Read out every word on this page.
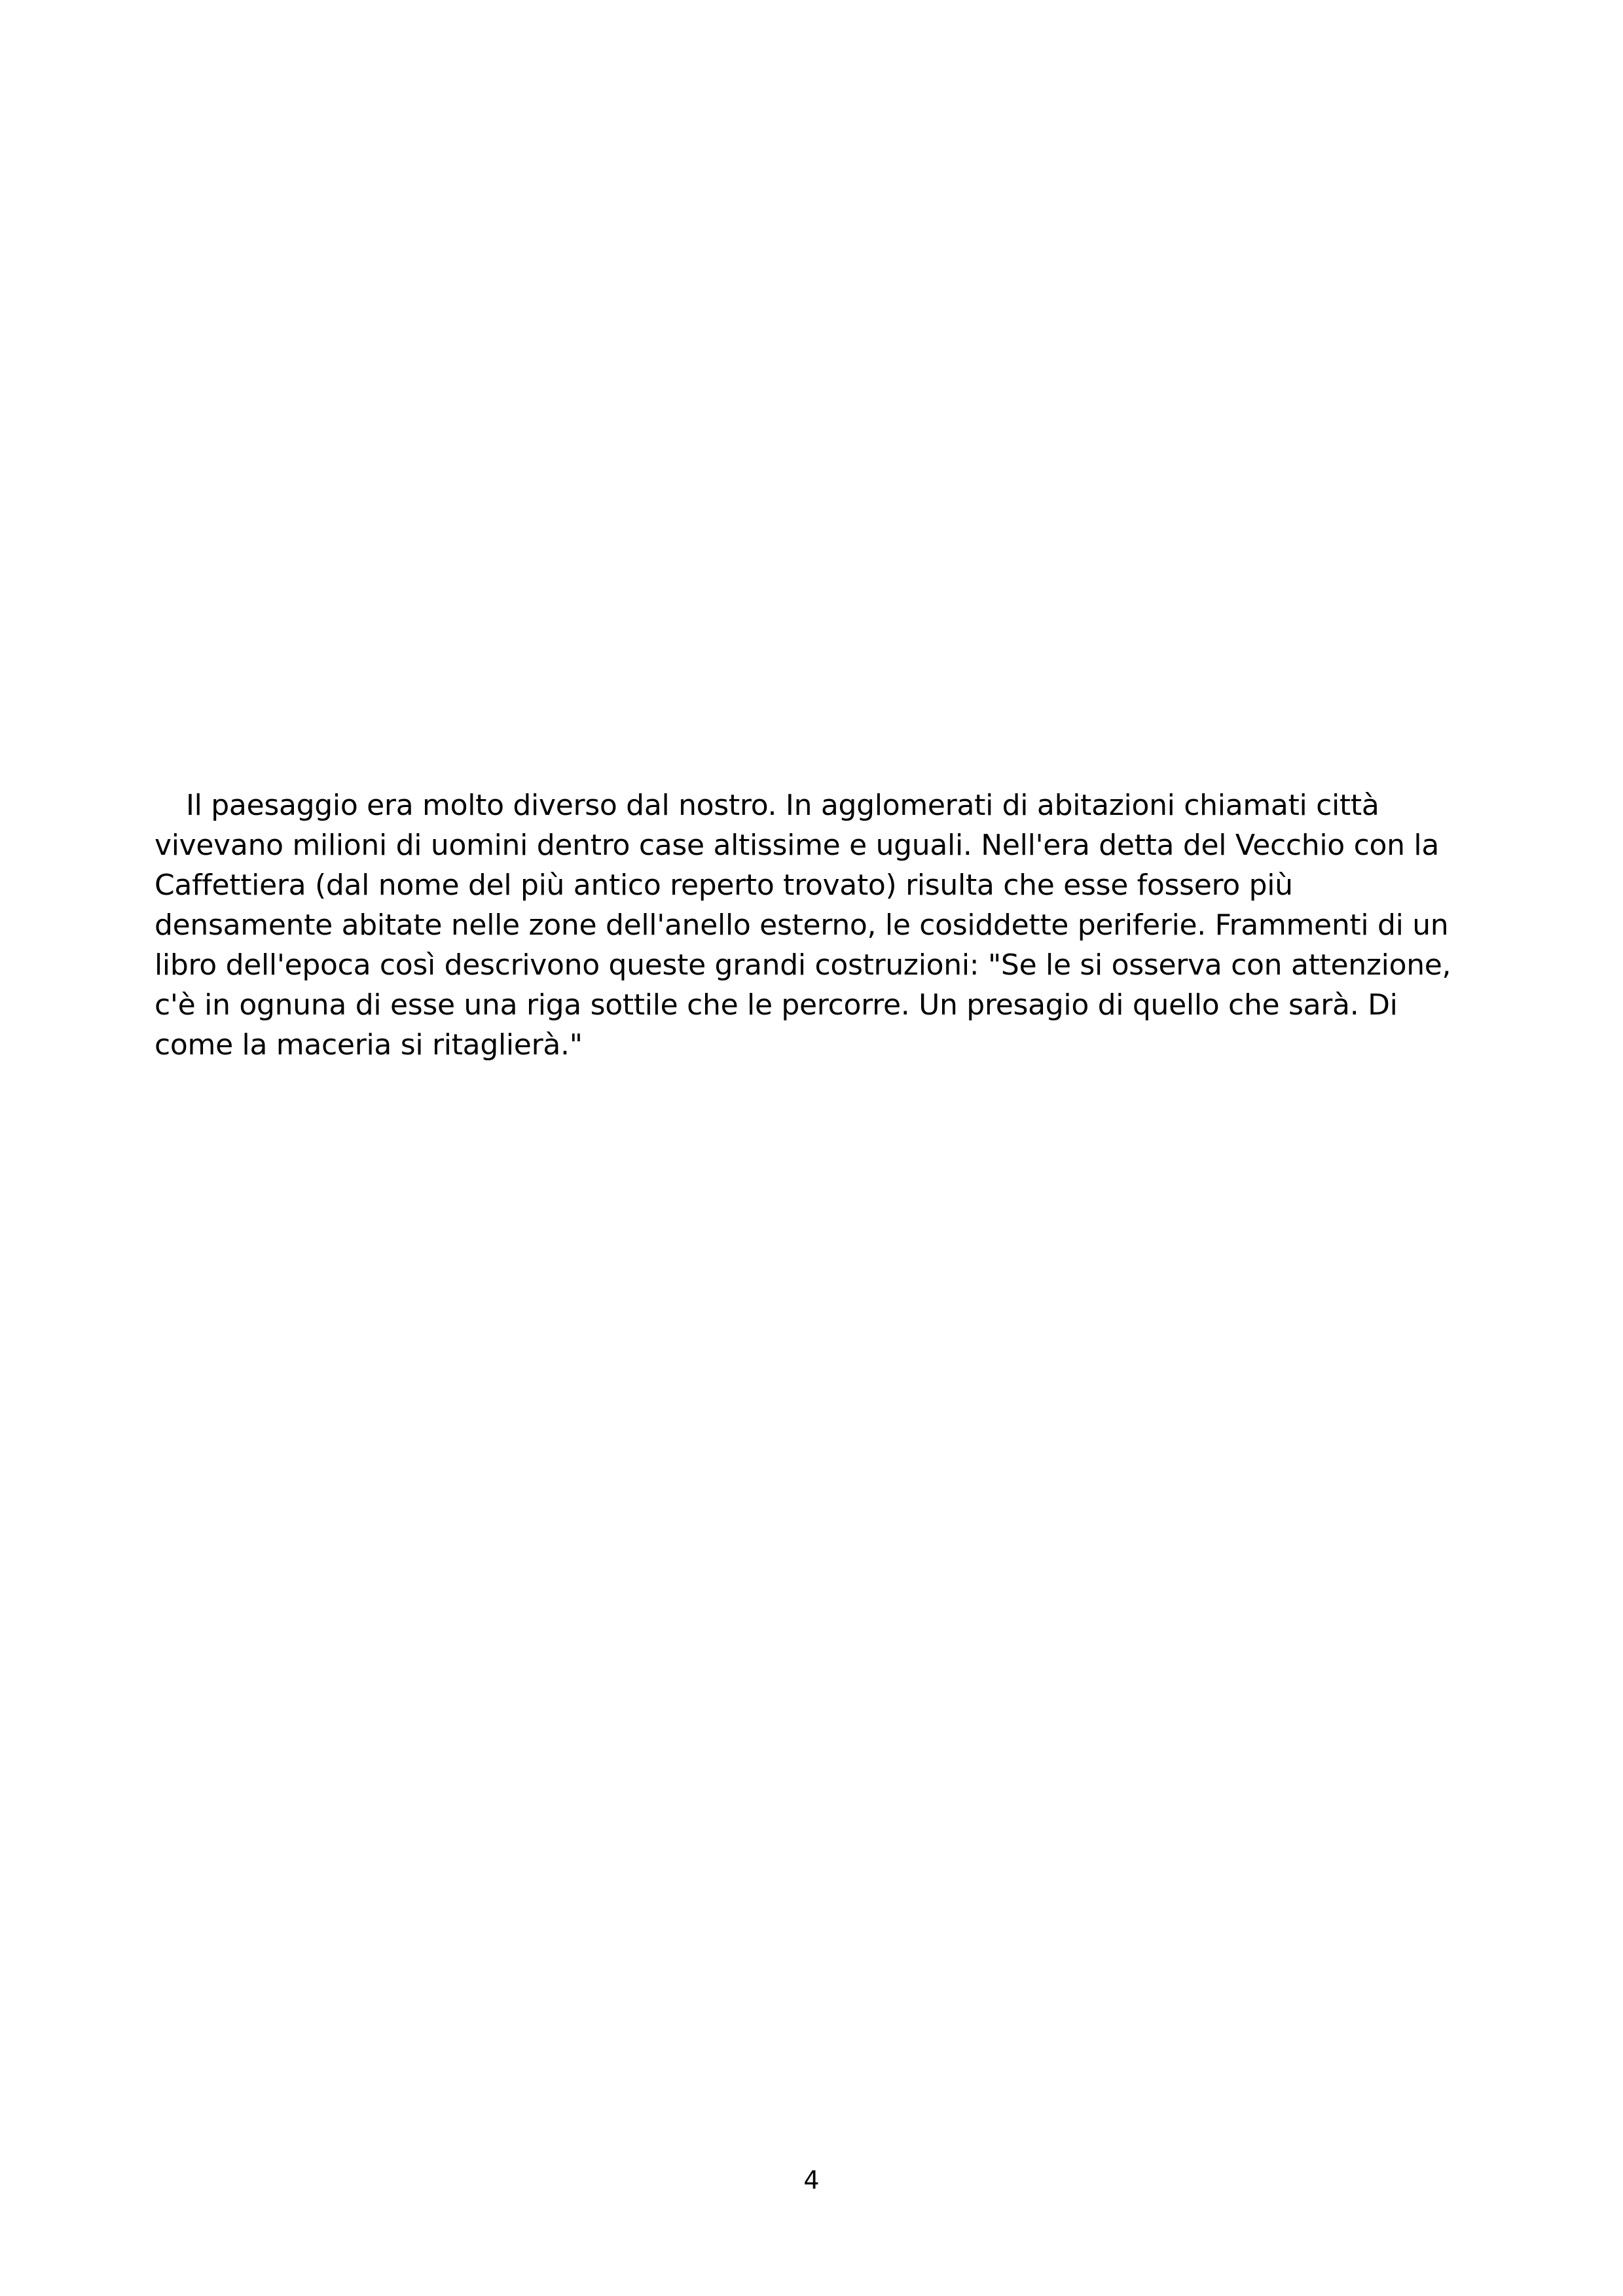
Il paesaggio era molto diverso dal nostro. In agglomerati di abitazioni chiamati città
vivevano milioni di uomini dentro case altissime e uguali. Nell'era detta del Vecchio con la
Caffettiera (dal nome del più antico reperto trovato) risulta che esse fossero più
densamente abitate nelle zone dell'anello esterno, le cosiddette periferie. Frammenti di un
libro dell'epoca così descrivono queste grandi costruzioni: "Se le si osserva con attenzione,
c'è in ognuna di esse una riga sottile che le percorre. Un presagio di quello che sarà. Di
come la maceria si ritaglierà."
4
